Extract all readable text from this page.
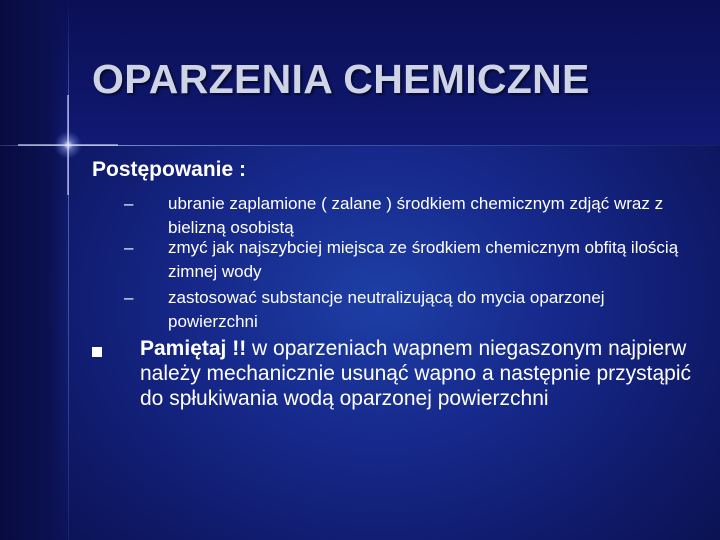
OPARZENIA CHEMICZNE
Postępowanie :
– ubranie zaplamione ( zalane ) środkiem chemicznym zdjąć wraz z bielizną osobistą
– zmyć jak najszybciej miejsca ze środkiem chemicznym obfitą ilością zimnej wody
– zastosować substancje neutralizującą do mycia oparzonej powierzchni

Pamiętaj !! w oparzeniach wapnem niegaszonym najpierw należy mechanicznie usunąć wapno a następnie przystąpić do spłukiwania wodą oparzonej powierzchni
